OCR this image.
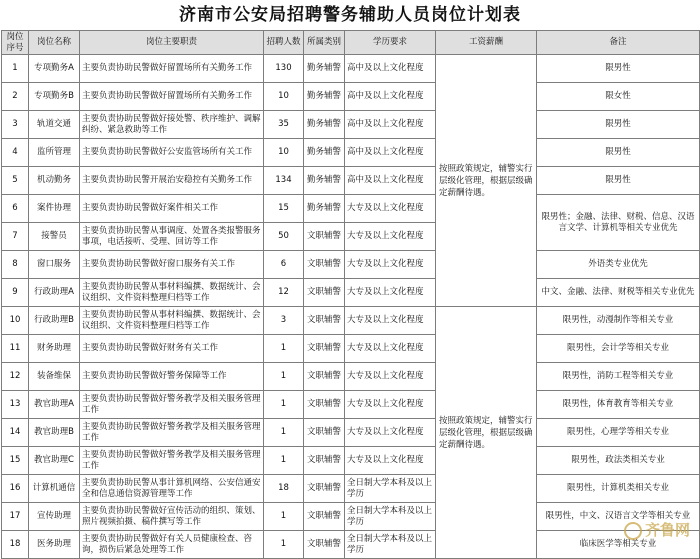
济南市公安局招聘警务辅助人员岗位计划表
岗位序号	岗位名称	岗位主要职责	招聘人数	所属类别	学历要求	工资薪酬	备注
1	专项勤务A	主要负责协助民警做好留置场所有关勤务工作	130	勤务辅警	高中及以上文化程度	按照政策规定，辅警实行层级化管理，根据层级确定薪酬待遇。	限男性
2	专项勤务B	主要负责协助民警做好留置场所有关勤务工作	10	勤务辅警	高中及以上文化程度		限女性
3	轨道交通	主要负责协助民警做好接处警、秩序维护、调解纠纷、紧急救助等工作	35	勤务辅警	高中及以上文化程度		限男性
4	监所管理	主要负责协助民警做好公安监管场所有关工作	10	勤务辅警	高中及以上文化程度		限男性
5	机动勤务	主要负责协助民警开展治安稳控有关勤务工作	134	勤务辅警	高中及以上文化程度		限男性
6	案件协理	主要负责协助民警做好案件相关工作	15	勤务辅警	大专及以上文化程度		限男性；金融、法律、财税、信息、汉语言文学、计算机等相关专业优先
7	接警员	主要负责协助民警从事调度、处置各类报警服务事项，电话接听、受理、回访等工作	50	文职辅警	大专及以上文化程度		
8	窗口服务	主要负责协助民警做好窗口服务有关工作	6	文职辅警	大专及以上文化程度		外语类专业优先
9	行政助理A	主要负责协助民警从事材料编撰、数据统计、会议组织、文件资料整理归档等工作	12	文职辅警	大专及以上文化程度		中文、金融、法律、财税等相关专业优先
10	行政助理B	主要负责协助民警从事材料编撰、数据统计、会议组织、文件资料整理归档等工作	3	文职辅警	大专及以上文化程度	按照政策规定，辅警实行层级化管理，根据层级确定薪酬待遇。	限男性，动漫制作等相关专业
11	财务助理	主要负责协助民警做好财务有关工作	1	文职辅警	大专及以上文化程度		限男性，会计学等相关专业
12	装备维保	主要负责协助民警做好警务保障等工作	1	文职辅警	大专及以上文化程度		限男性，消防工程等相关专业
13	教官助理A	主要负责协助民警做好警务教学及相关服务管理工作	1	文职辅警	大专及以上文化程度		限男性，体育教育等相关专业
14	教官助理B	主要负责协助民警做好警务教学及相关服务管理工作	1	文职辅警	大专及以上文化程度		限男性，心理学等相关专业
15	教官助理C	主要负责协助民警做好警务教学及相关服务管理工作	1	文职辅警	大专及以上文化程度		限男性，政法类相关专业
16	计算机通信	主要负责协助民警从事计算机网络、公安信通安全和信息通信资源管理等工作	18	文职辅警	全日制大学本科及以上学历		限男性，计算机类相关专业
17	宣传助理	主要负责协助民警做好宣传活动的组织、策划、照片视频拍摄、稿件撰写等工作	1	文职辅警	全日制大学本科及以上学历		限男性，中文、汉语言文学等相关专业
18	医务助理	主要负责协助民警做好有关人员健康检查、咨询，损伤后紧急处理等工作	1	文职辅警	全日制大学本科及以上学历		临床医学等相关专业
齐鲁网
